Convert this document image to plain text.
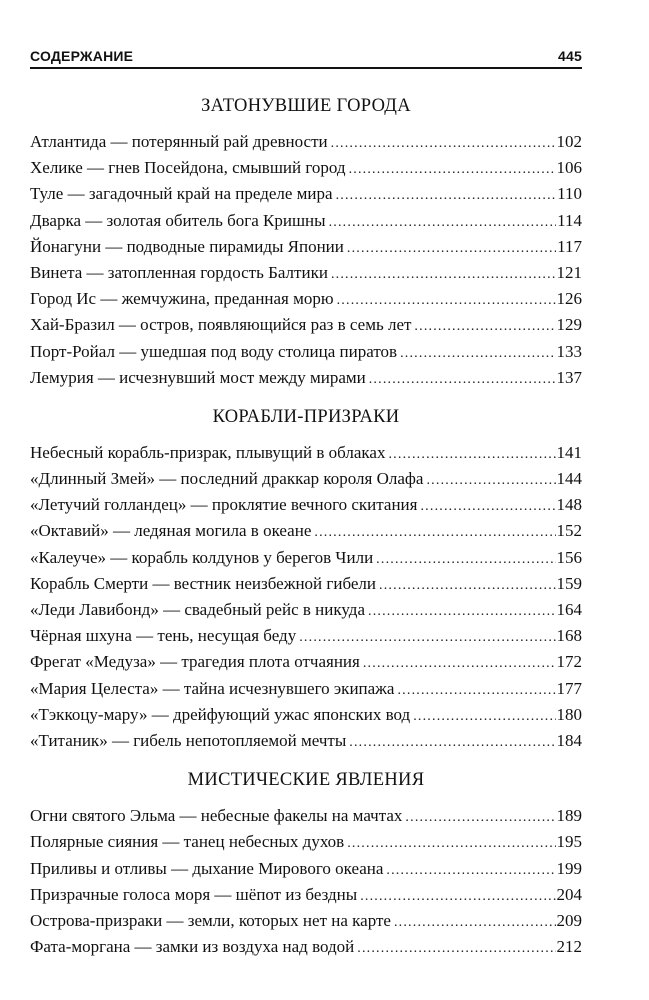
СОДЕРЖАНИЕ	445
ЗАТОНУВШИЕ ГОРОДА
Атлантида — потерянный рай древности .....	102
Хелике — гнев Посейдона, смывший город .....	106
Туле — загадочный край на пределе мира .....	110
Дварка — золотая обитель бога Кришны .....	114
Йонагуни — подводные пирамиды Японии .....	117
Винета — затопленная гордость Балтики .....	121
Город Ис — жемчужина, преданная морю .....	126
Хай-Бразил — остров, появляющийся раз в семь лет .....	129
Порт-Ройал — ушедшая под воду столица пиратов .....	133
Лемурия — исчезнувший мост между мирами .....	137
КОРАБЛИ-ПРИЗРАКИ
Небесный корабль-призрак, плывущий в облаках .....	141
«Длинный Змей» — последний драккар короля Олафа .....	144
«Летучий голландец» — проклятие вечного скитания .....	148
«Октавий» — ледяная могила в океане .....	152
«Калеуче» — корабль колдунов у берегов Чили .....	156
Корабль Смерти — вестник неизбежной гибели .....	159
«Леди Лавибонд» — свадебный рейс в никуда .....	164
Чёрная шхуна — тень, несущая беду .....	168
Фрегат «Медуза» — трагедия плота отчаяния .....	172
«Мария Целеста» — тайна исчезнувшего экипажа .....	177
«Тэккоцу-мару» — дрейфующий ужас японских вод .....	180
«Титаник» — гибель непотопляемой мечты .....	184
МИСТИЧЕСКИЕ ЯВЛЕНИЯ
Огни святого Эльма — небесные факелы на мачтах .....	189
Полярные сияния — танец небесных духов .....	195
Приливы и отливы — дыхание Мирового океана .....	199
Призрачные голоса моря — шёпот из бездны .....	204
Острова-призраки — земли, которых нет на карте .....	209
Фата-моргана — замки из воздуха над водой .....	212
